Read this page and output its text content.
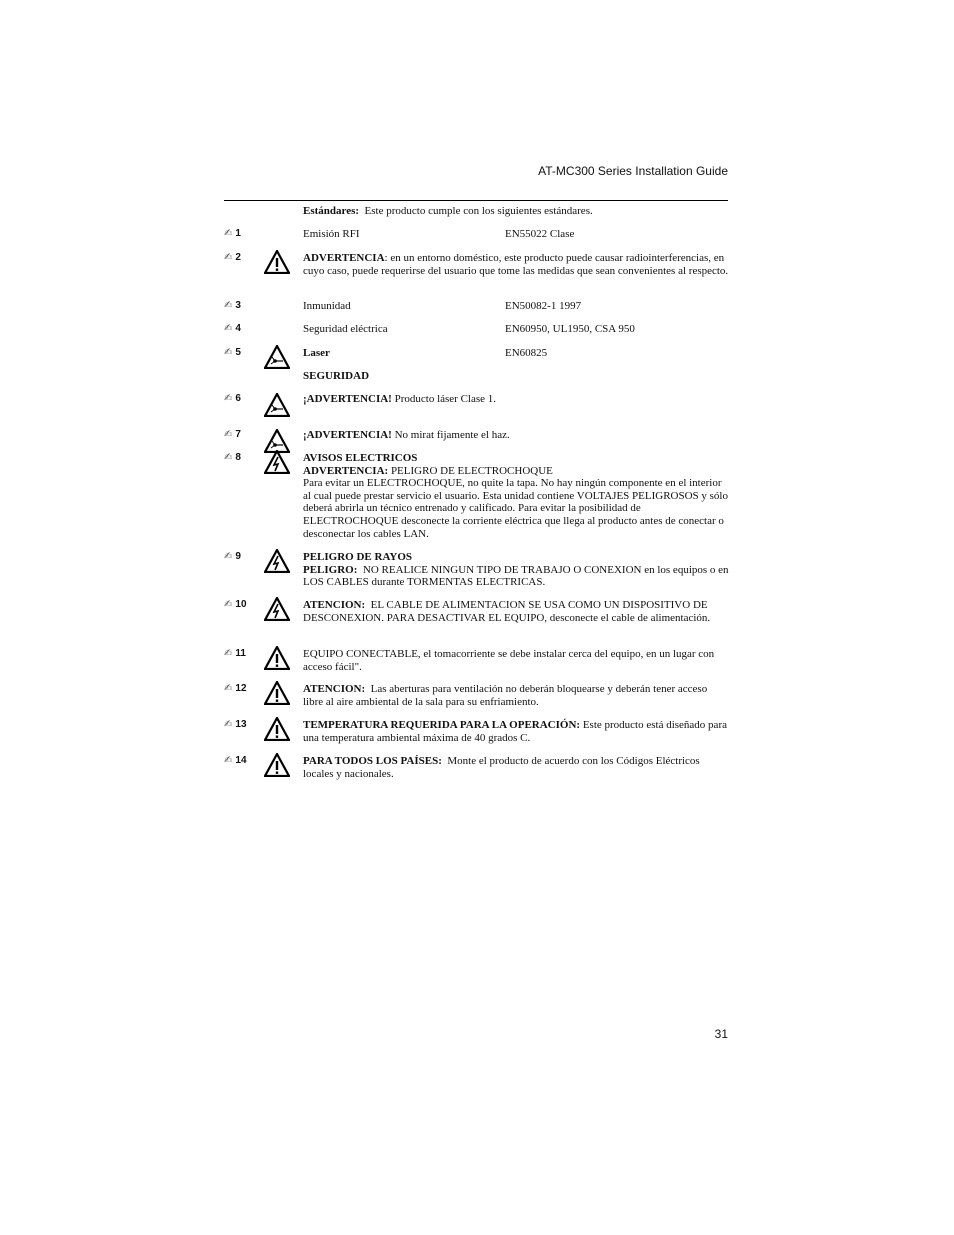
AT-MC300 Series Installation Guide
Estándares: Este producto cumple con los siguientes estándares.
✍ 1	Emisión RFI	EN55022 Clase
✍ 2	ADVERTENCIA: en un entorno doméstico, este producto puede causar radiointerferencias, en cuyo caso, puede requerirse del usuario que tome las medidas que sean convenientes al respecto.
✍ 3	Inmunidad	EN50082-1 1997
✍ 4	Seguridad eléctrica	EN60950, UL1950, CSA 950
✍ 5	Laser	EN60825
SEGURIDAD
✍ 6	¡ADVERTENCIA! Producto láser Clase 1.
✍ 7	¡ADVERTENCIA! No mirat fijamente el haz.
✍ 8	AVISOS ELECTRICOS
ADVERTENCIA: PELIGRO DE ELECTROCHOQUE
Para evitar un ELECTROCHOQUE, no quite la tapa. No hay ningún componente en el interior al cual puede prestar servicio el usuario. Esta unidad contiene VOLTAJES PELIGROSOS y sólo deberá abrirla un técnico entrenado y calificado. Para evitar la posibilidad de ELECTROCHOQUE desconecte la corriente eléctrica que llega al producto antes de conectar o desconectar los cables LAN.
✍ 9	PELIGRO DE RAYOS
PELIGRO: NO REALICE NINGUN TIPO DE TRABAJO O CONEXION en los equipos o en LOS CABLES durante TORMENTAS ELECTRICAS.
✍ 10	ATENCION: EL CABLE DE ALIMENTACION SE USA COMO UN DISPOSITIVO DE DESCONEXION. PARA DESACTIVAR EL EQUIPO, desconecte el cable de alimentación.
✍ 11	EQUIPO CONECTABLE, el tomacorriente se debe instalar cerca del equipo, en un lugar con acceso fácil".
✍ 12	ATENCION: Las aberturas para ventilación no deberán bloquearse y deberán tener acceso libre al aire ambiental de la sala para su enfriamiento.
✍ 13	TEMPERATURA REQUERIDA PARA LA OPERACIÓN: Este producto está diseñado para una temperatura ambiental máxima de 40 grados C.
✍ 14	PARA TODOS LOS PAÍSES: Monte el producto de acuerdo con los Códigos Eléctricos locales y nacionales.
31
